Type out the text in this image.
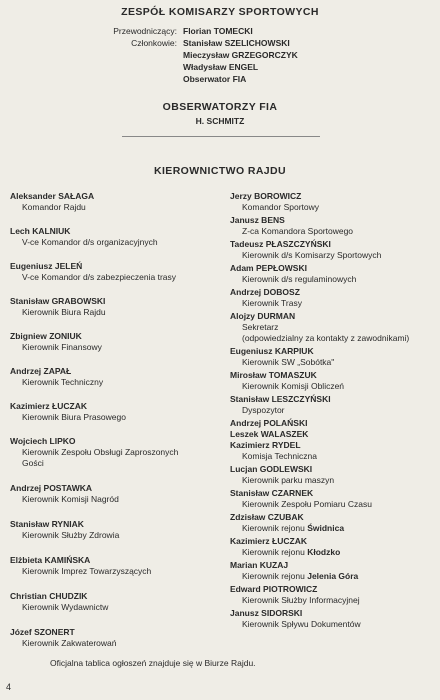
ZESPÓŁ KOMISARZY SPORTOWYCH
Przewodniczący: Florian TOMECKI
Członkowie: Stanisław SZELICHOWSKI
Mieczysław GRZEGORCZYK
Władysław ENGEL
Obserwator FIA
OBSERWATORZY FIA
H. SCHMITZ
KIEROWNICTWO RAJDU
Aleksander SAŁAGA
Komandor Rajdu
Lech KALNIUK
V-ce Komandor d/s organizacyjnych
Eugeniusz JELEŃ
V-ce Komandor d/s zabezpieczenia trasy
Stanisław GRABOWSKI
Kierownik Biura Rajdu
Zbigniew ZONIUK
Kierownik Finansowy
Andrzej ZAPAŁ
Kierownik Techniczny
Kazimierz ŁUCZAK
Kierownik Biura Prasowego
Wojciech LIPKO
Kierownik Zespołu Obsługi Zaproszonych
Gości
Andrzej POSTAWKA
Kierownik Komisji Nagród
Stanisław RYNIAK
Kierownik Służby Zdrowia
Elżbieta KAMIŃSKA
Kierownik Imprez Towarzyszących
Christian CHUDZIK
Kierownik Wydawnictw
Józef SZONERT
Kierownik Zakwaterowań
Jerzy BOROWICZ
Komandor Sportowy
Janusz BENS
Z-ca Komandora Sportowego
Tadeusz PŁASZCZYŃSKI
Kierownik d/s Komisarzy Sportowych
Adam PEPŁOWSKI
Kierownik d/s regulaminowych
Andrzej DOBOSZ
Kierownik Trasy
Alojzy DURMAN
Sekretarz
(odpowiedzialny za kontakty z zawodnikami)
Eugeniusz KARPIUK
Kierownik SW „Sobótka"
Mirosław TOMASZUK
Kierownik Komisji Obliczeń
Stanisław LESZCZYŃSKI
Dyspozytor
Andrzej POLAŃSKI
Leszek WALASZEK
Kazimierz RYDEL
Komisja Techniczna
Lucjan GODLEWSKI
Kierownik parku maszyn
Stanisław CZARNEK
Kierownik Zespołu Pomiaru Czasu
Zdzisław CZUBAK
Kierownik rejonu Świdnica
Kazimierz ŁUCZAK
Kierownik rejonu Kłodzko
Marian KUZAJ
Kierownik rejonu Jelenia Góra
Edward PIOTROWICZ
Kierownik Służby Informacyjnej
Janusz SIDORSKI
Kierownik Spływu Dokumentów
Oficjalna tablica ogłoszeń znajduje się w Biurze Rajdu.
4
